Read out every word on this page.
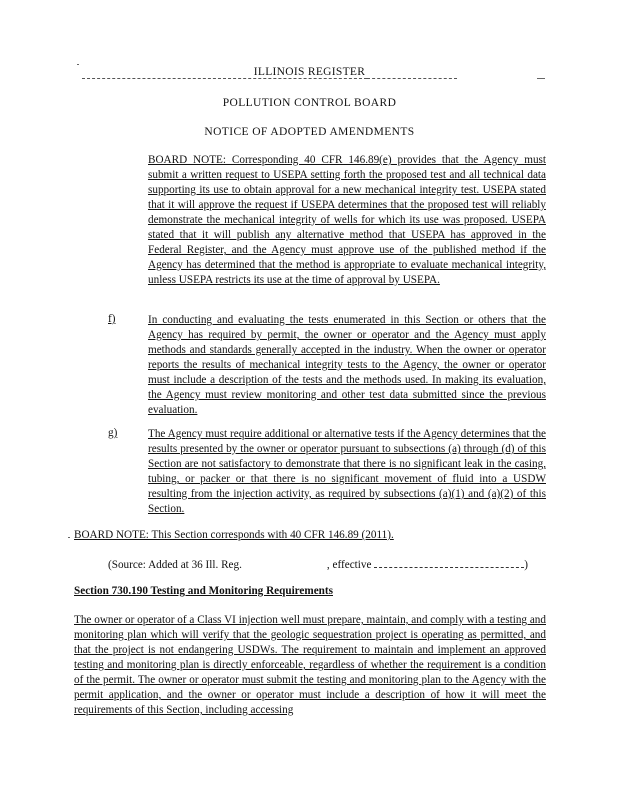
ILLINOIS REGISTER
POLLUTION CONTROL BOARD
NOTICE OF ADOPTED AMENDMENTS
BOARD NOTE: Corresponding 40 CFR 146.89(e) provides that the Agency must submit a written request to USEPA setting forth the proposed test and all technical data supporting its use to obtain approval for a new mechanical integrity test. USEPA stated that it will approve the request if USEPA determines that the proposed test will reliably demonstrate the mechanical integrity of wells for which its use was proposed. USEPA stated that it will publish any alternative method that USEPA has approved in the Federal Register, and the Agency must approve use of the published method if the Agency has determined that the method is appropriate to evaluate mechanical integrity, unless USEPA restricts its use at the time of approval by USEPA.
f)	In conducting and evaluating the tests enumerated in this Section or others that the Agency has required by permit, the owner or operator and the Agency must apply methods and standards generally accepted in the industry. When the owner or operator reports the results of mechanical integrity tests to the Agency, the owner or operator must include a description of the tests and the methods used. In making its evaluation, the Agency must review monitoring and other test data submitted since the previous evaluation.
g)	The Agency must require additional or alternative tests if the Agency determines that the results presented by the owner or operator pursuant to subsections (a) through (d) of this Section are not satisfactory to demonstrate that there is no significant leak in the casing, tubing, or packer or that there is no significant movement of fluid into a USDW resulting from the injection activity, as required by subsections (a)(1) and (a)(2) of this Section.
BOARD NOTE: This Section corresponds with 40 CFR 146.89 (2011).
(Source: Added at 36 Ill. Reg.	, effective	)
Section 730.190 Testing and Monitoring Requirements
The owner or operator of a Class VI injection well must prepare, maintain, and comply with a testing and monitoring plan which will verify that the geologic sequestration project is operating as permitted, and that the project is not endangering USDWs. The requirement to maintain and implement an approved testing and monitoring plan is directly enforceable, regardless of whether the requirement is a condition of the permit. The owner or operator must submit the testing and monitoring plan to the Agency with the permit application, and the owner or operator must include a description of how it will meet the requirements of this Section, including accessing
